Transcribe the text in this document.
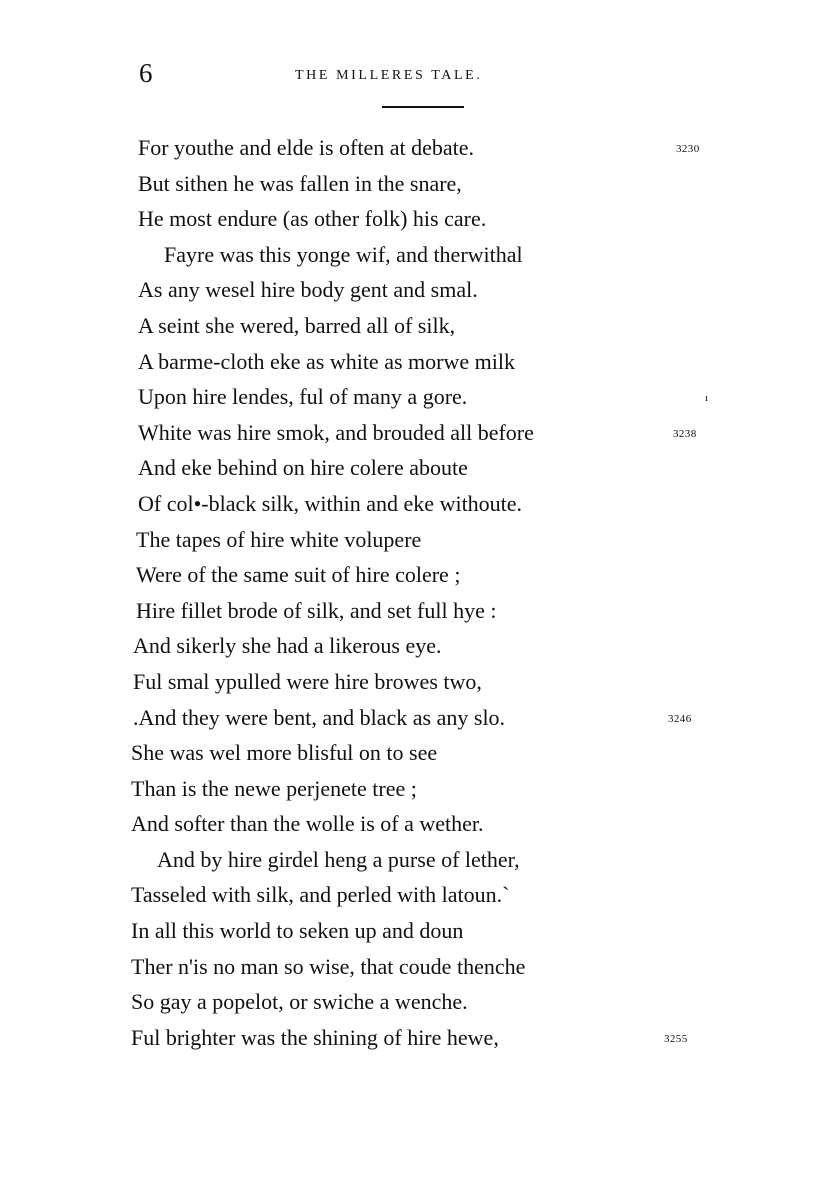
6	THE MILLERES TALE.
For youthe and elde is often at debate.	3230
But sithen he was fallen in the snare,
He most endure (as other folk) his care.
Fayre was this yonge wif, and therwithal
As any wesel hire body gent and smal.
A seint she wered, barred all of silk,
A barme-cloth eke as white as morwe milk
Upon hire lendes, ful of many a gore.	ı
White was hire smok, and brouded all before	3238
And eke behind on hire colere aboute
Of col•-black silk, within and eke withoute.
The tapes of hire white volupere
Were of the same suit of hire colere ;
Hire fillet brode of silk, and set full hye :
And sikerly she had a likerous eye.
Ful smal ypulled were hire browes two,
.And they were bent, and black as any slo.	3246
She was wel more blisful on to see
Than is the newe perjenete tree ;
And softer than the wolle is of a wether.
And by hire girdel heng a purse of lether,
Tasseled with silk, and perled with latoun.`
In all this world to seken up and doun
Ther n'is no man so wise, that coude thenche
So gay a popelot, or swiche a wenche.
Ful brighter was the shining of hire hewe,	3255
